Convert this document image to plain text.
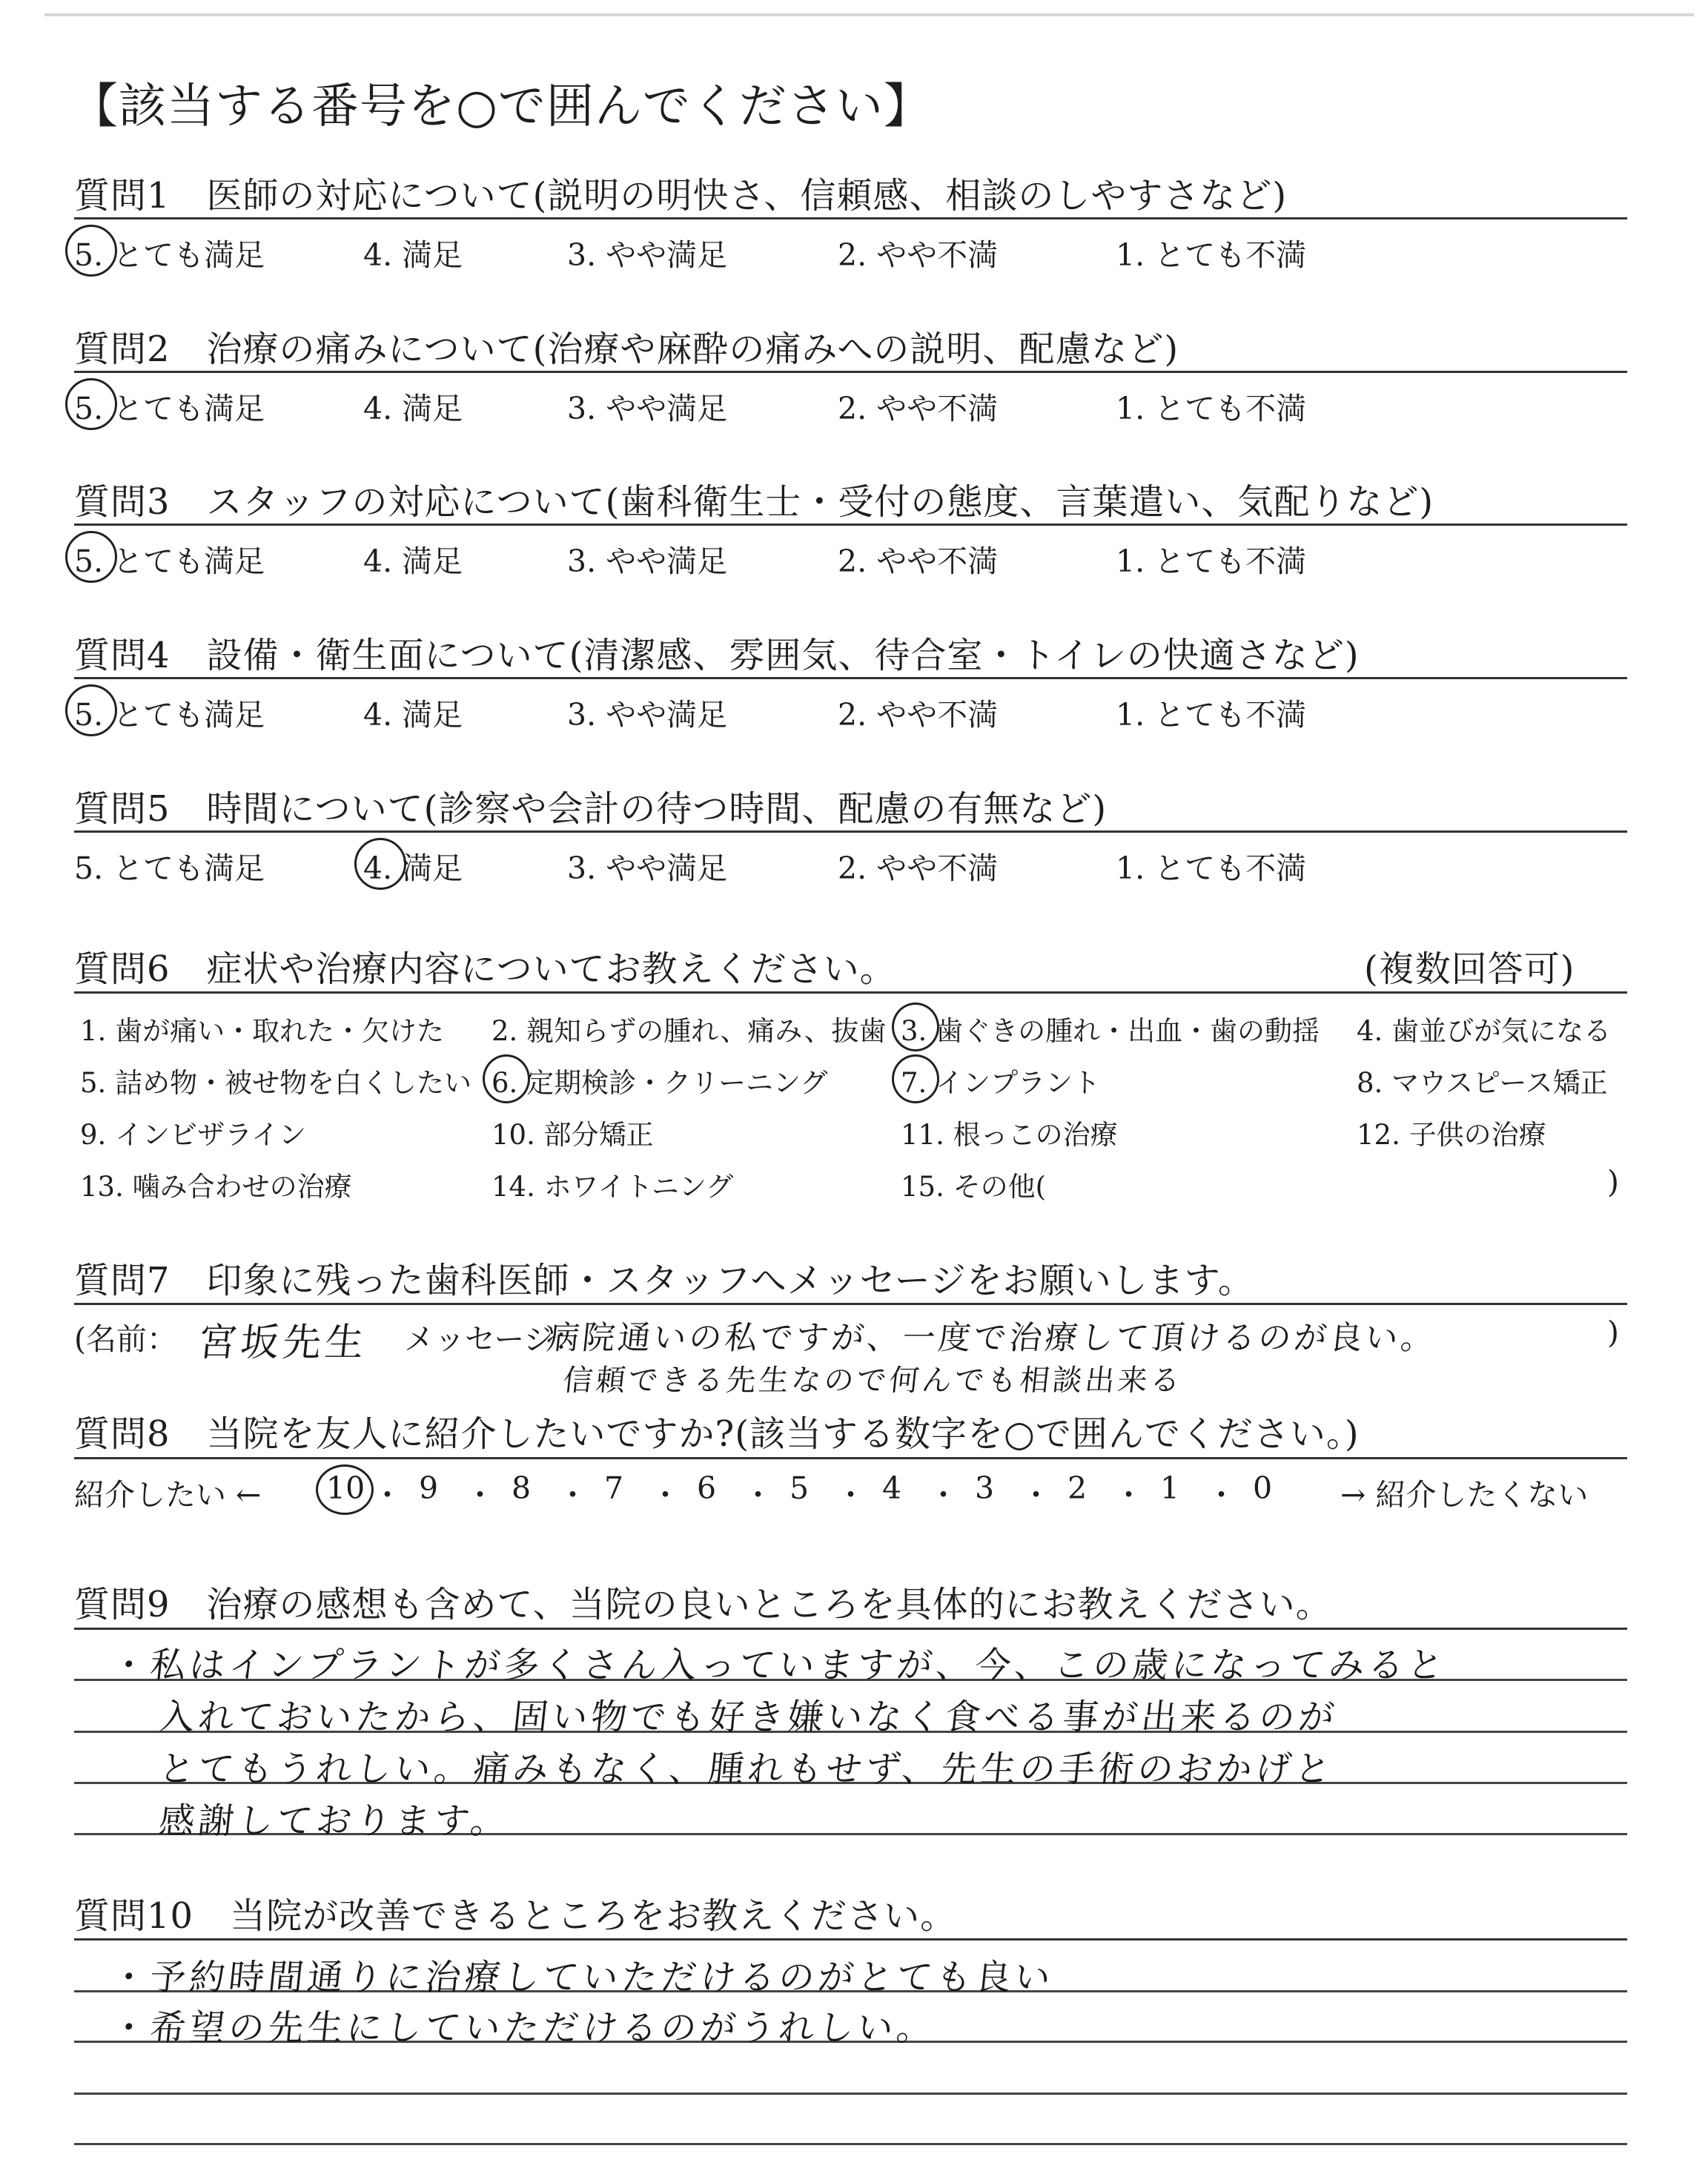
【該当する番号を○で囲んでください】
質問1  医師の対応について(説明の明快さ、信頼感、相談のしやすさなど)
5. とても満足	4. 満足	3. やや満足	2. やや不満	1. とても不満
質問2  治療の痛みについて(治療や麻酔の痛みへの説明、配慮など)
5. とても満足	4. 満足	3. やや満足	2. やや不満	1. とても不満
質問3  スタッフの対応について(歯科衛生士・受付の態度、言葉遣い、気配りなど)
5. とても満足	4. 満足	3. やや満足	2. やや不満	1. とても不満
質問4  設備・衛生面について(清潔感、雰囲気、待合室・トイレの快適さなど)
5. とても満足	4. 満足	3. やや満足	2. やや不満	1. とても不満
質問5  時間について(診察や会計の待つ時間、配慮の有無など)
5. とても満足	4. 満足	3. やや満足	2. やや不満	1. とても不満
質問6  症状や治療内容についてお教えください。	(複数回答可)
1. 歯が痛い・取れた・欠けた 2. 親知らずの腫れ、痛み、抜歯 3. 歯ぐきの腫れ・出血・歯の動揺 4. 歯並びが気になる
5. 詰め物・被せ物を白くしたい 6. 定期検診・クリーニング	7. インプラント	8. マウスピース矯正
9. インビザライン	10. 部分矯正	11. 根っこの治療	12. 子供の治療
13. 噛み合わせの治療	14. ホワイトニング	15. その他(	)
質問7  印象に残った歯科医師・スタッフへメッセージをお願いします。
(名前： 宮坂先生 メッセージ：
病院通いの私ですが、一度で治療して頂けるのが良い。
信頼できる先生なので何んでも相談出来る
)
質問8  当院を友人に紹介したいですか?(該当する数字を○で囲んでください。)
紹介したい ← 10 ・ 9 ・ 8 ・ 7 ・ 6 ・ 5 ・ 4 ・ 3 ・ 2 ・ 1 ・ 0 → 紹介したくない
質問9  治療の感想も含めて、当院の良いところを具体的にお教えください。
・私はインプラントが多くさん入っていますが、今、この歳になってみると
入れておいたから、固い物でも好き嫌いなく食べる事が出来るのが
とてもうれしい。痛みもなく、腫れもせず、先生の手術のおかげと
感謝しております。
質問10  当院が改善できるところをお教えください。
・予約時間通りに治療していただけるのがとても良い
・希望の先生にしていただけるのがうれしい。
